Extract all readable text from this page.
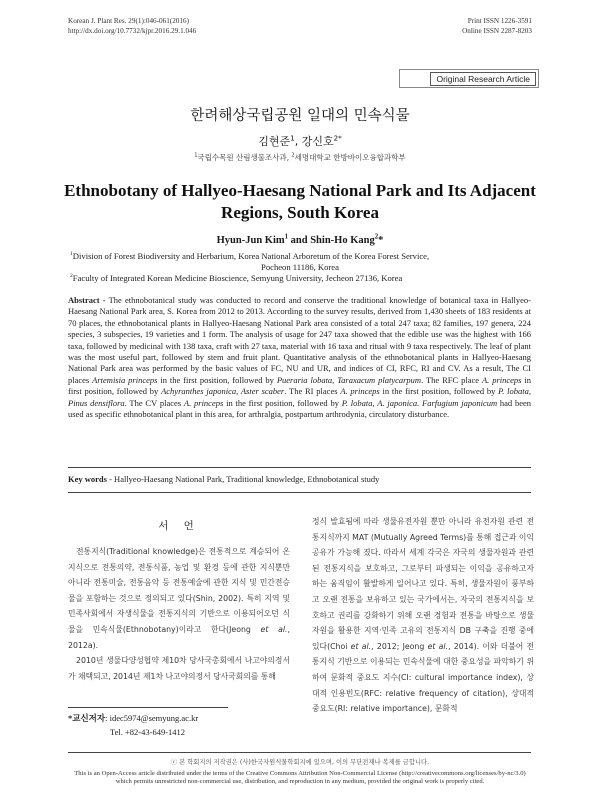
Korean J. Plant Res. 29(1):046-061(2016)
http://dx.doi.org/10.7732/kjpr.2016.29.1.046
Print ISSN 1226-3591
Online ISSN 2287-8203
Original Research Article
한려해상국립공원 일대의 민속식물
김현준$^1$, 강신호$^{2*}$
$^1$국립수목원 산림생물조사과, $^2$세명대학교 한방바이오융합과학부
Ethnobotany of Hallyeo-Haesang National Park and Its Adjacent
Regions, South Korea
Hyun-Jun Kim$^1$ and Shin-Ho Kang$^2$*

$^1$Division of Forest Biodiversity and Herbarium, Korea National Arboretum of the Korea Forest Service,

Pocheon 11186, Korea

$^2$Faculty of Integrated Korean Medicine Bioscience, Semyung University, Jecheon 27136, Korea

Abstract - The ethnobotanical study was conducted to record and conserve the traditional knowledge of botanical taxa in Hallyeo-Haesang National Park area, S. Korea from 2012 to 2013. According to the survey results, derived from 1,430 sheets of 183 residents at 70 places, the ethnobotanical plants in Hallyeo-Haesang National Park area consisted of a total 247 taxa; 82 families, 197 genera, 224 species, 3 subspecies, 19 varieties and 1 form. The analysis of usage for 247 taxa showed that the edible use was the highest with 166 taxa, followed by medicinal with 138 taxa, craft with 27 taxa, material with 16 taxa and ritual with 9 taxa respectively. The leaf of plant was the most useful part, followed by stem and fruit plant. Quantitative analysis of the ethnobotanical plants in Hallyeo-Haesang National Park area was performed by the basic values of FC, NU and UR, and indices of CI, RFC, RI and CV. As a result, The CI places Artemisia princeps in the first position, followed by Pueraria lobata, Taraxacum platycarpum. The RFC place A. princeps in first position, followed by Achyranthes japonica, Aster scaber. The RI places A. princeps in the first position, followed by P. lobata, Pinus densiflora. The CV places A. princeps in the first position, followed by P. lobata, A. japonica. Farfugium japonicum had been used as specific ethnobotanical plant in this area, for arthralgia, postpartum arthrodynia, circulatory disturbance.
Key words - Hallyeo-Haesang National Park, Traditional knowledge, Ethnobotanical study
서 언

전통지식(Traditional knowledge)은 전통적으로 계승되어 온 지식으로 전통의약, 전통식품, 농업 및 환경 등에 관한 지식뿐만 아니라 전통미술, 전통음악 등 전통예술에 관한 지식 및 민간전승물을 포함하는 것으로 정의되고 있다(Shin, 2002). 특히 지역 및 민족사회에서 자생식물을 전통지식의 기반으로 이용되어오던 식물을 민속식물(Ethnobotany)이라고 한다(Jeong et al., 2012a).

2010년 생물다양성협약 제10차 당사국총회에서 나고야의정서가 채택되고, 2014년 제1차 나고야의정서 당사국회의를 통해

정식 발효됨에 따라 생물유전자원 뿐만 아니라 유전자원 관련 전통지식까지 MAT (Mutually Agreed Terms)를 통해 접근과 이익공유가 가능해 졌다. 따라서 세계 각국은 자국의 생물자원과 관련된 전통지식을 보호하고, 그로부터 파생되는 이익을 공유하고자 하는 움직임이 활발하게 일어나고 있다. 특히, 생물자원이 풍부하고 오랜 전통을 보유하고 있는 국가에서는, 자국의 전통지식을 보호하고 권리를 강화하기 위해 오랜 경험과 전통을 바탕으로 생물자원을 활용한 지역·민족 고유의 전통지식 DB 구축을 진행 중에 있다(Choi et al., 2012; Jeong et al., 2014). 이와 더불어 전통지식 기반으로 이용되는 민속식물에 대한 중요성을 파악하기 위하여 문화적 중요도 지수(CI: cultural importance index), 상대적 인용빈도(RFC: relative frequency of citation), 상대적 중요도(RI: relative importance), 문화적

*교신저자: idec5974@semyung.ac.kr
Tel. +82-43-649-1412
ⓒ 본 학회지의 저작권은 (사)한국자원식물학회지에 있으며, 이의 무단전재나 복제를 금합니다.
This is an Open-Access article distributed under the terms of the Creative Commons Attribution Non-Commercial License (http://creativecommons.org/licenses/by-nc/3.0)
which permits unrestricted non-commercial use, distribution, and reproduction in any medium, provided the original work is properly cited.
